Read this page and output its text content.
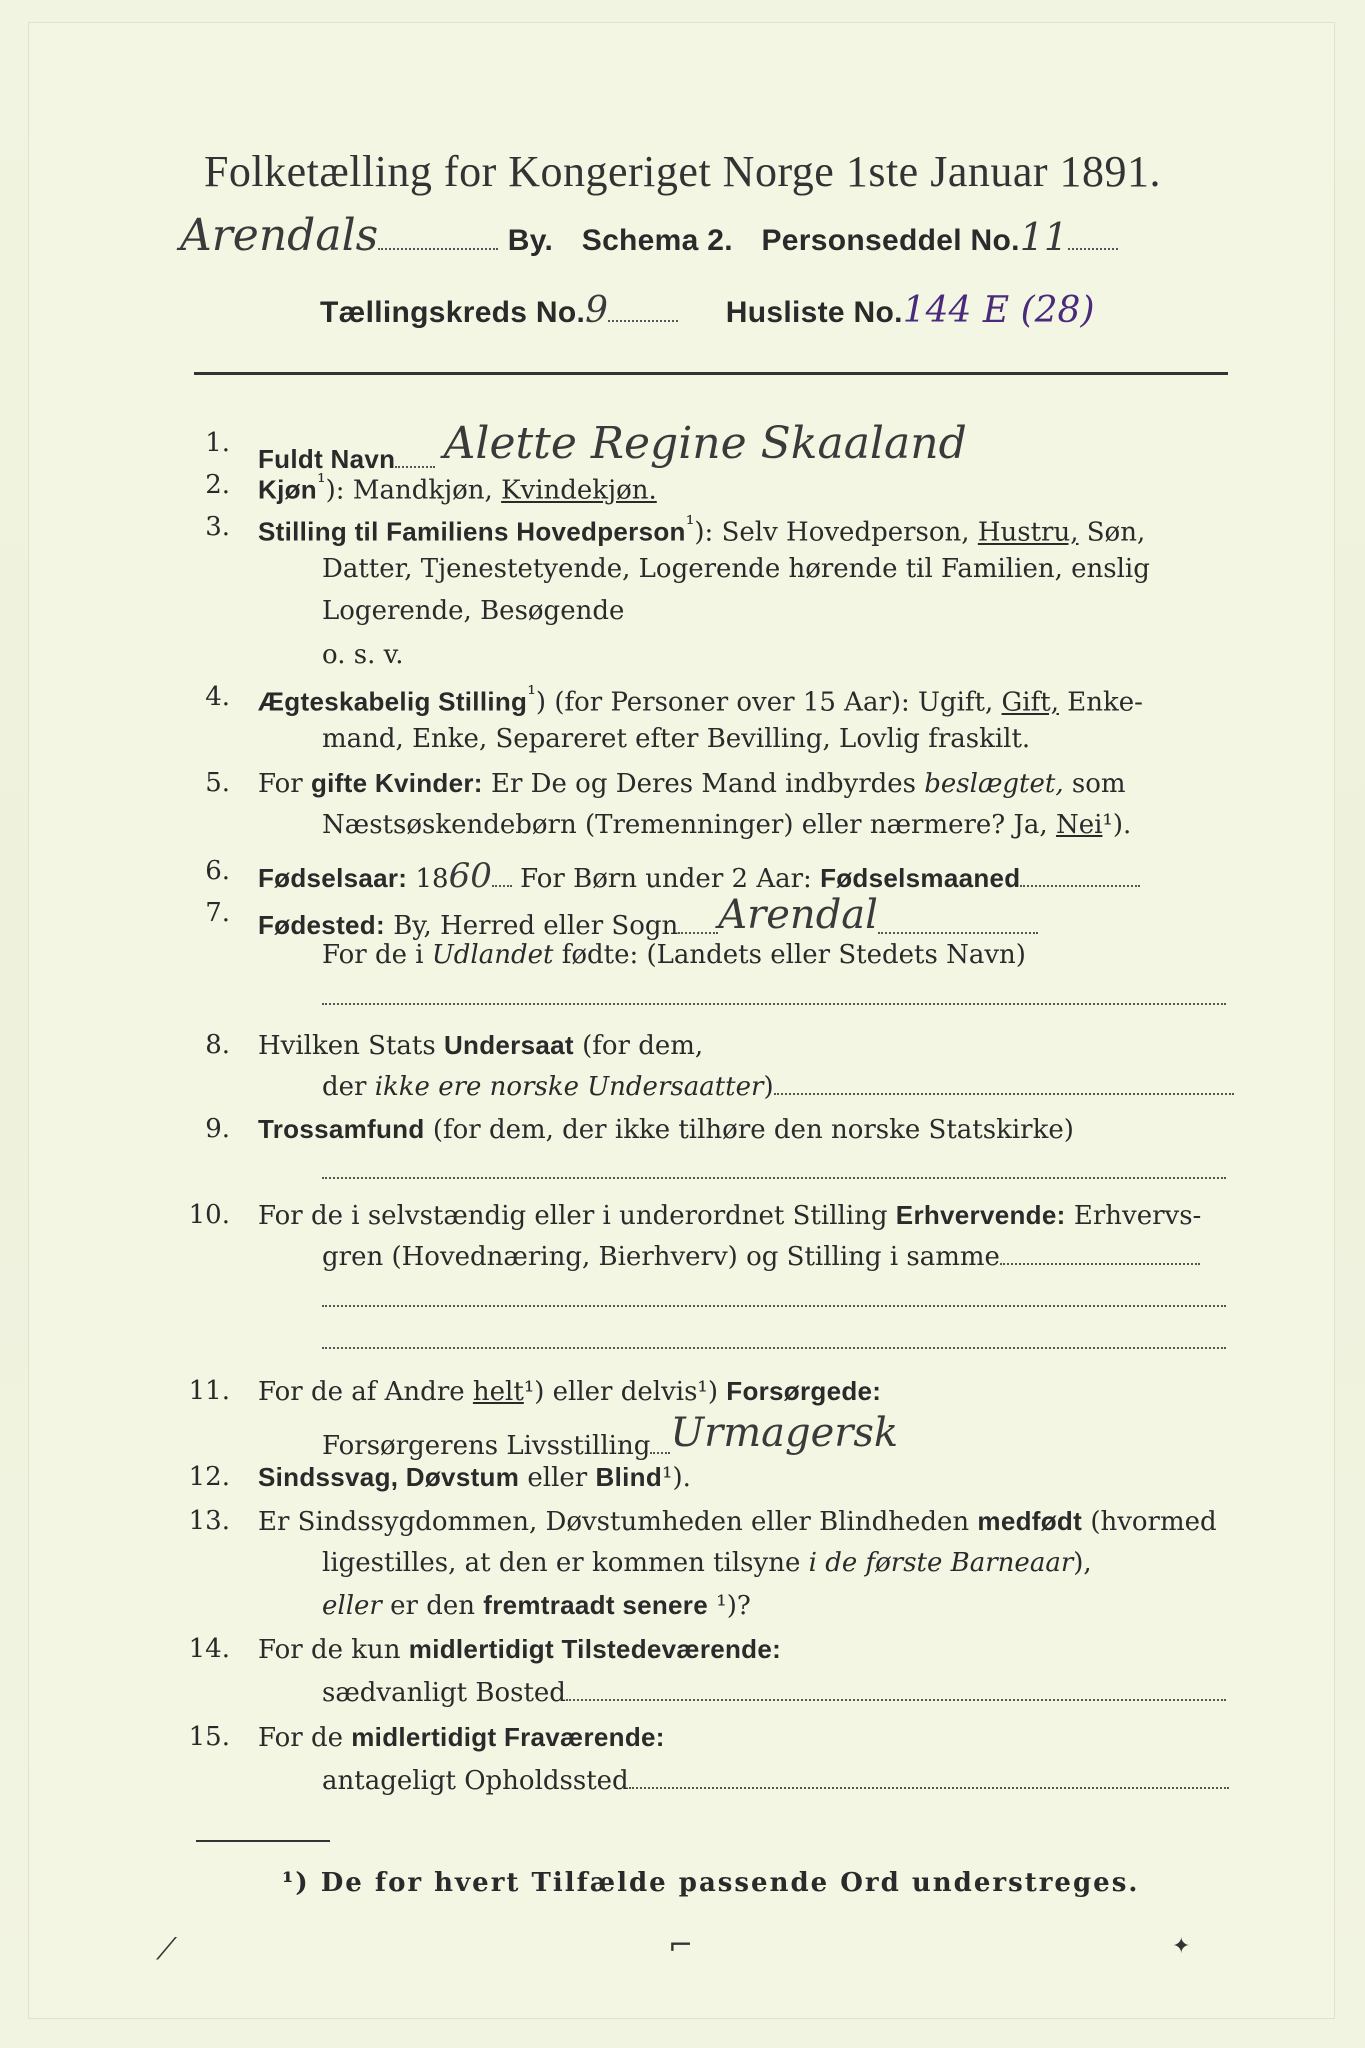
Folketælling for Kongeriget Norge 1ste Januar 1891.
Arendals	By. Schema 2. Personseddel No.11
Tællingskreds No.9	Husliste No.144 E (28)
1.
Fuldt Navn Alette Regine Skaaland
2. Kjøn$^{^1}$): Mandkjøn, Kvindekjøn.
3. Stilling til Familiens Hovedperson$^{^1}$): Selv Hovedperson, Hustru, Søn,
Datter, Tjenestetyende, Logerende hørende til Familien, enslig
Logerende, Besøgende
o. s. v.
4. Ægteskabelig Stilling$^{^1}$) (for Personer over 15 Aar): Ugift, Gift, Enke-
mand, Enke, Separeret efter Bevilling, Lovlig fraskilt.
5. For gifte Kvinder: Er De og Deres Mand indbyrdes beslægtet, som
Næstsøskendebørn (Tremenninger) eller nærmere? Ja, Nei¹).
6. Fødselsaar: 1860 For Børn under 2 Aar: Fødselsmaaned
7. Fødested: By, Herred eller Sogn Arendal
For de i Udlandet fødte: (Landets eller Stedets Navn)
8. Hvilken Stats Undersaat (for dem,
der ikke ere norske Undersaatter)
9. Trossamfund (for dem, der ikke tilhøre den norske Statskirke)
10. For de i selvstændig eller i underordnet Stilling Erhvervende: Erhvervs-
gren (Hovednæring, Bierhverv) og Stilling i samme
11. For de af Andre helt¹) eller delvis¹) Forsørgede:
Forsørgerens Livsstilling Urmagersk
12. Sindssvag, Døvstum eller Blind¹).
13. Er Sindssygdommen, Døvstumheden eller Blindheden medfødt (hvormed
ligestilles, at den er kommen tilsyne i de første Barneaar),
eller er den fremtraadt senere ¹)?
14. For de kun midlertidigt Tilstedeværende:
sædvanligt Bosted
15. For de midlertidigt Fraværende:
antageligt Opholdssted
¹) De for hvert Tilfælde passende Ord understreges.
⟋	⌐	✦
